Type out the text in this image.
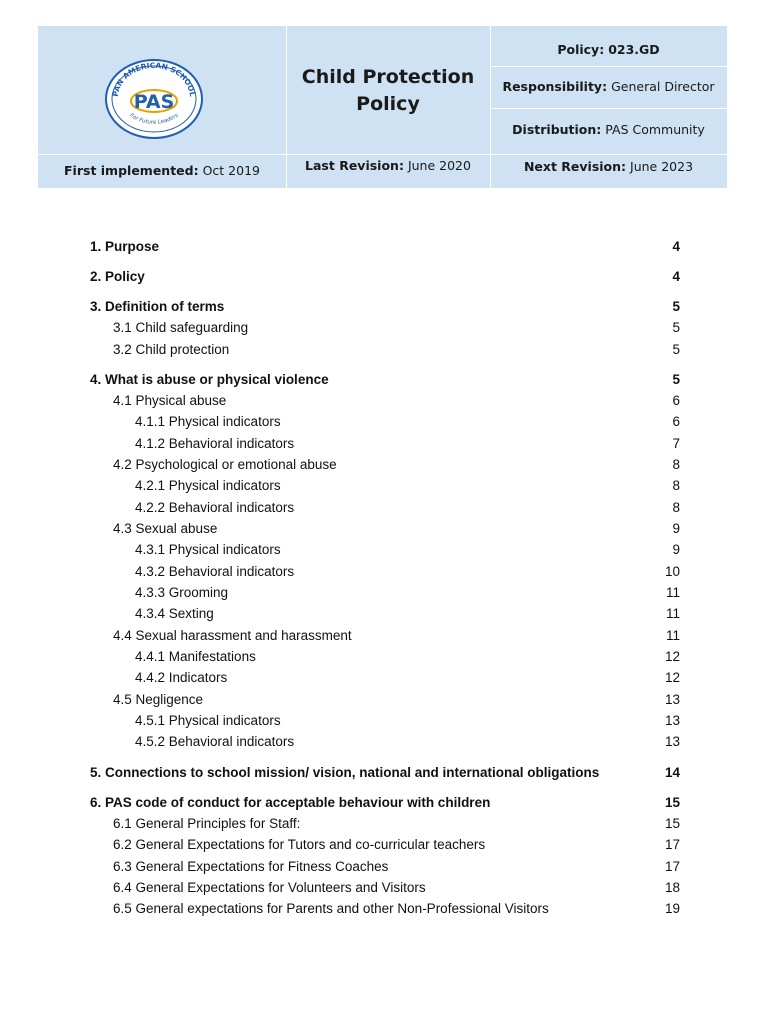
PAN AMERICAN SCHOOL
PAS
For Future Leaders
Child Protection
Policy
Policy: 023.GD
Responsibility: General Director
Distribution: PAS Community
First implemented: Oct 2019	Last Revision: June 2020	Next Revision: June 2023
1. Purpose	4
2. Policy	4
3. Definition of terms	5
3.1 Child safeguarding	5
3.2 Child protection	5
4. What is abuse or physical violence	5
4.1 Physical abuse	6
4.1.1 Physical indicators	6
4.1.2 Behavioral indicators	7
4.2 Psychological or emotional abuse	8
4.2.1 Physical indicators	8
4.2.2 Behavioral indicators	8
4.3 Sexual abuse	9
4.3.1 Physical indicators	9
4.3.2 Behavioral indicators	10
4.3.3 Grooming	11
4.3.4 Sexting	11
4.4 Sexual harassment and harassment	11
4.4.1 Manifestations	12
4.4.2 Indicators	12
4.5 Negligence	13
4.5.1 Physical indicators	13
4.5.2 Behavioral indicators	13
5. Connections to school mission/ vision, national and international obligations	14
6. PAS code of conduct for acceptable behaviour with children	15
6.1 General Principles for Staff:	15
6.2 General Expectations for Tutors and co-curricular teachers	17
6.3 General Expectations for Fitness Coaches	17
6.4 General Expectations for Volunteers and Visitors	18
6.5 General expectations for Parents and other Non-Professional Visitors	19
